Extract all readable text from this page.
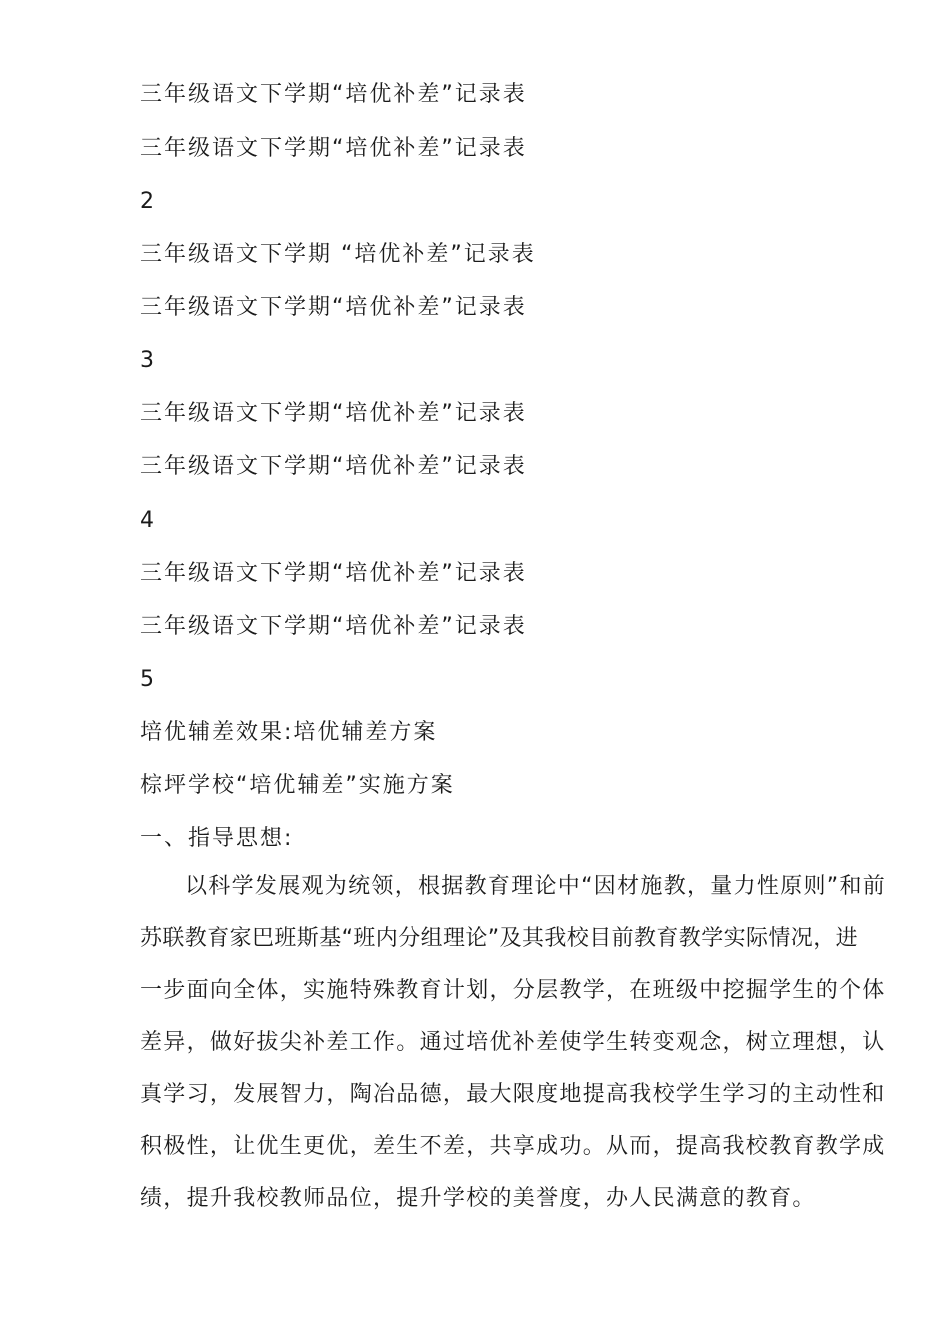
三年级语文下学期“培优补差”记录表
三年级语文下学期“培优补差”记录表
2
三年级语文下学期 “培优补差”记录表
三年级语文下学期“培优补差”记录表
3
三年级语文下学期“培优补差”记录表
三年级语文下学期“培优补差”记录表
4
三年级语文下学期“培优补差”记录表
三年级语文下学期“培优补差”记录表
5
培优辅差效果:培优辅差方案
棕坪学校“培优辅差”实施方案
一、指导思想:
以科学发展观为统领，根据教育理论中“因材施教，量力性原则”和前
苏联教育家巴班斯基“班内分组理论”及其我校目前教育教学实际情况，进
一步面向全体，实施特殊教育计划，分层教学，在班级中挖掘学生的个体
差异，做好拔尖补差工作。通过培优补差使学生转变观念，树立理想，认
真学习，发展智力，陶冶品德，最大限度地提高我校学生学习的主动性和
积极性，让优生更优，差生不差，共享成功。从而，提高我校教育教学成
绩，提升我校教师品位，提升学校的美誉度，办人民满意的教育。
